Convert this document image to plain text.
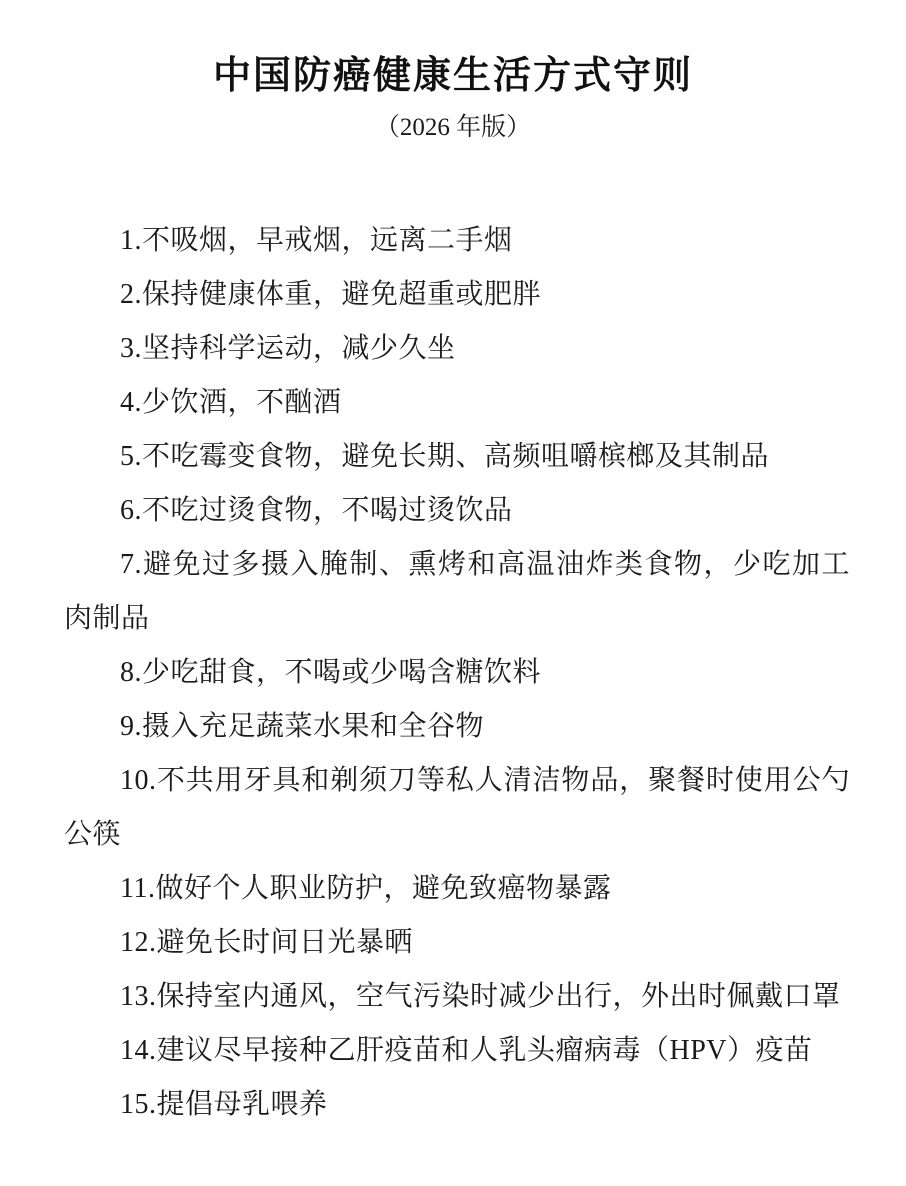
中国防癌健康生活方式守则
（2026 年版）

1.不吸烟，早戒烟，远离二手烟

2.保持健康体重，避免超重或肥胖

3.坚持科学运动，减少久坐

4.少饮酒，不酗酒

5.不吃霉变食物，避免长期、高频咀嚼槟榔及其制品

6.不吃过烫食物，不喝过烫饮品

7.避免过多摄入腌制、熏烤和高温油炸类食物，少吃加工肉制品

8.少吃甜食，不喝或少喝含糖饮料

9.摄入充足蔬菜水果和全谷物

10.不共用牙具和剃须刀等私人清洁物品，聚餐时使用公勺公筷

11.做好个人职业防护，避免致癌物暴露

12.避免长时间日光暴晒

13.保持室内通风，空气污染时减少出行，外出时佩戴口罩

14.建议尽早接种乙肝疫苗和人乳头瘤病毒（HPV）疫苗

15.提倡母乳喂养
